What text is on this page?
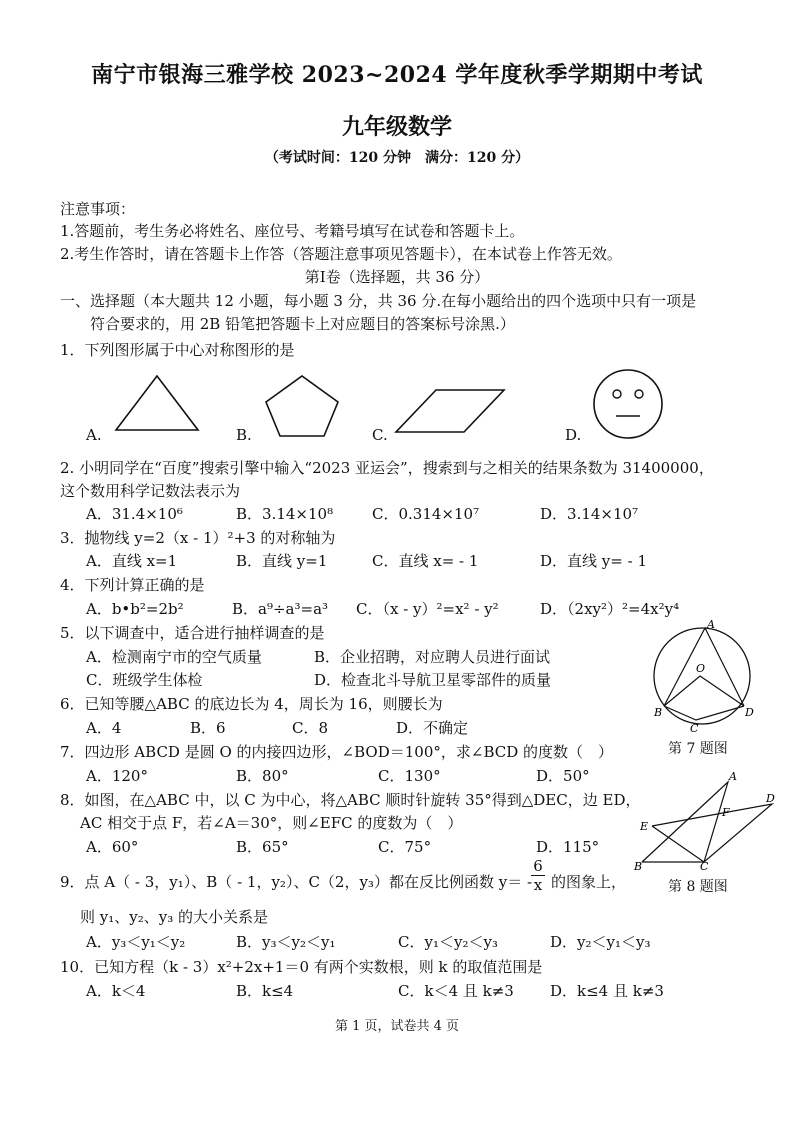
南宁市银海三雅学校 2023~2024 学年度秋季学期期中考试
九年级数学
（考试时间：120 分钟　满分：120 分）
注意事项：
1.答题前，考生务必将姓名、座位号、考籍号填写在试卷和答题卡上。
2.考生作答时，请在答题卡上作答（答题注意事项见答题卡），在本试卷上作答无效。
第Ⅰ卷（选择题，共 36 分）
一、选择题（本大题共 12 小题，每小题 3 分，共 36 分.在每小题给出的四个选项中只有一项是
符合要求的，用 2B 铅笔把答题卡上对应题目的答案标号涂黑.）
1．下列图形属于中心对称图形的是
A.	B.	C.	D.
2. 小明同学在“百度”搜索引擎中输入“2023 亚运会”，搜索到与之相关的结果条数为 31400000，
这个数用科学记数法表示为
A．31.4×10⁶	B．3.14×10⁸	C．0.314×10⁷	D．3.14×10⁷
3．抛物线 y=2（x - 1）²+3 的对称轴为
A．直线 x=1	B．直线 y=1	C．直线 x= - 1	D．直线 y= - 1
4．下列计算正确的是
A．b•b²=2b²	B．a⁹÷a³=a³ C．（x - y）²=x² - y²	D．（2xy²）²=4x²y⁴
5．以下调查中，适合进行抽样调查的是
A．检测南宁市的空气质量	B．企业招聘，对应聘人员进行面试
C．班级学生体检	D．检查北斗导航卫星零部件的质量
6．已知等腰△ABC 的底边长为 4，周长为 16，则腰长为
A．4	B．6	C．8	D．不确定
A
O
B
C
D
第 7 题图
7．四边形 ABCD 是圆 O 的内接四边形，∠BOD＝100°，求∠BCD 的度数（　）
A．120°	B．80°	C．130°	D．50°
8．如图，在△ABC 中，以 C 为中心，将△ABC 顺时针旋转 35°得到△DEC，边 ED，
AC 相交于点 F，若∠A＝30°，则∠EFC 的度数为（　）
A．60°	B．65°	C．75°	D．115°
A
D
F
E
B	C
第 8 题图
9．点 A（ - 3，y₁）、B（ - 1，y₂）、C（2，y₃）都在反比例函数 y＝ -
$\frac{6}{x}$ 的图象上，
则 y₁、y₂、y₃ 的大小关系是
A．y₃＜y₁＜y₂	B．y₃＜y₂＜y₁	C．y₁＜y₂＜y₃	D．y₂＜y₁＜y₃
10．已知方程（k - 3）x²+2x+1＝0 有两个实数根，则 k 的取值范围是
A．k＜4	B．k≤4	C．k＜4 且 k≠3 D．k≤4 且 k≠3
第 1 页，试卷共 4 页
